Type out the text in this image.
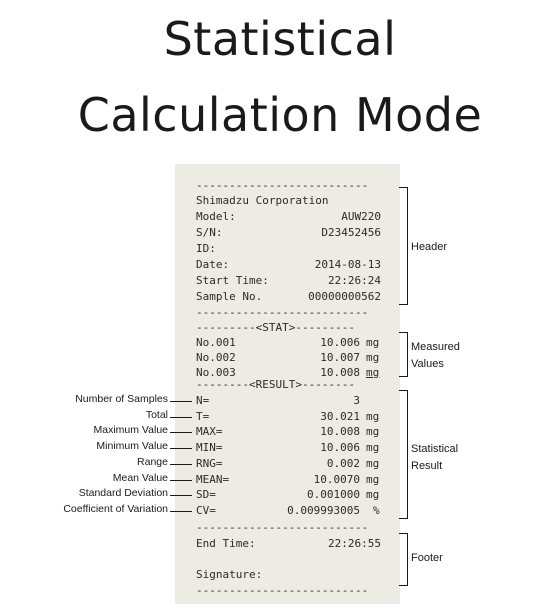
Statistical
Calculation Mode
--------------------------
Shimadzu Corporation
Model:	AUW220
S/N:	D23452456
ID:
Date:	2014-08-13
Start Time:	22:26:24
Sample No.	00000000562
--------------------------
---------<STAT>---------
No.001	10.006 mg
No.002	10.007 mg
No.003	10.008 mg
--------<RESULT>--------
N=	3
T=	30.021 mg
MAX=	10.008 mg
MIN=	10.006 mg
RNG=	0.002 mg
MEAN=	10.0070 mg
SD=	0.001000 mg
CV=	0.009993005 %
--------------------------
End Time:	22:26:55
Signature:
--------------------------
Header
Measured
Values
Statistical
Result
Footer
Number of Samples
Total
Maximum Value
Minimum Value
Range
Mean Value
Standard Deviation
Coefficient of Variation
